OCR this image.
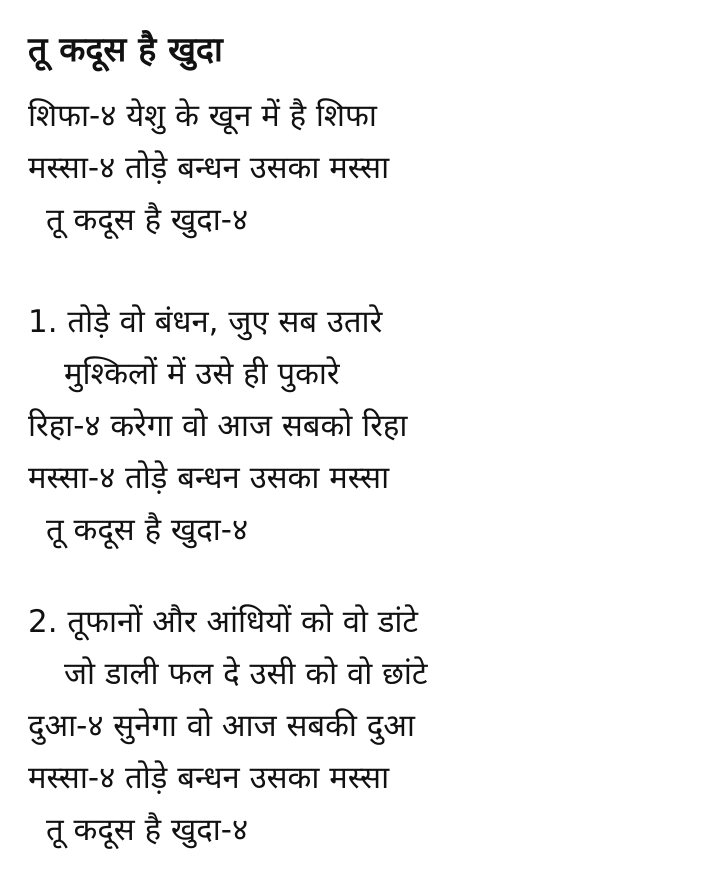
तू कदूस है खुदा
शिफा-४ येशु के खून में है शिफा
मस्सा-४ तोड़े बन्धन उसका मस्सा
तू कदूस है खुदा-४
1. तोड़े वो बंधन, जुए सब उतारे
मुश्किलों में उसे ही पुकारे
रिहा-४ करेगा वो आज सबको रिहा
मस्सा-४ तोड़े बन्धन उसका मस्सा
तू कदूस है खुदा-४
2. तूफानों और आंधियों को वो डांटे
जो डाली फल दे उसी को वो छांटे
दुआ-४ सुनेगा वो आज सबकी दुआ
मस्सा-४ तोड़े बन्धन उसका मस्सा
तू कदूस है खुदा-४
